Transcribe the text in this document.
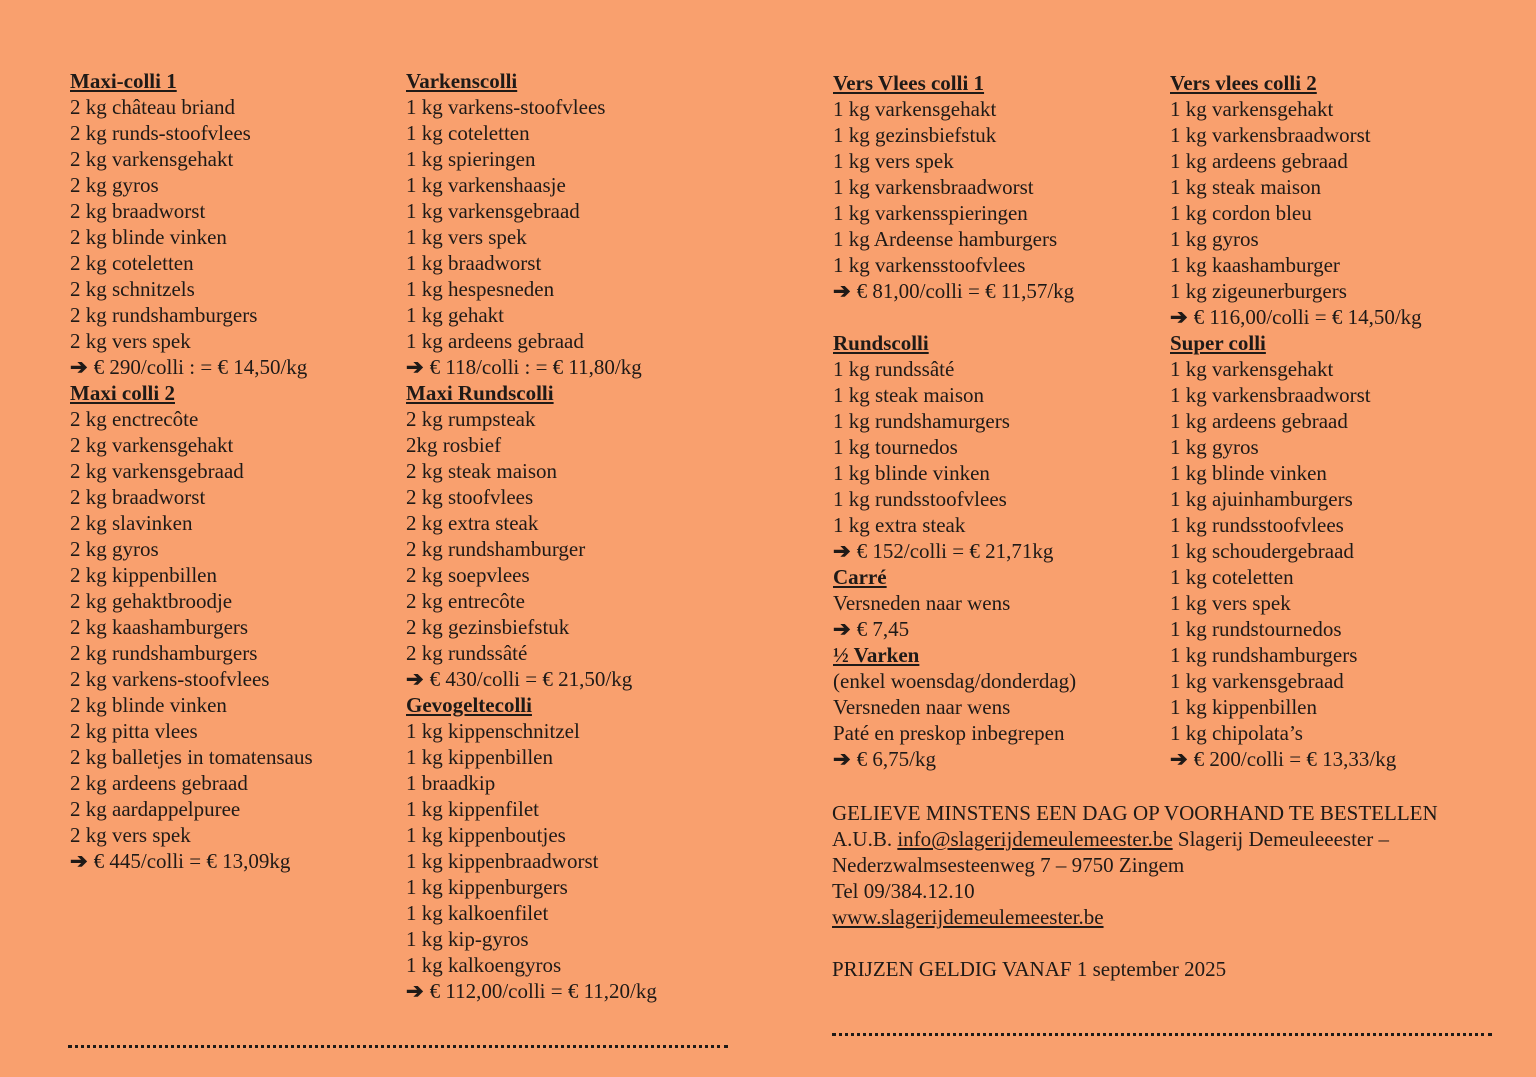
Maxi-colli 1
2 kg château briand
2 kg runds-stoofvlees
2 kg varkensgehakt
2 kg gyros
2 kg braadworst
2 kg blinde vinken
2 kg coteletten
2 kg schnitzels
2 kg rundshamburgers
2 kg vers spek
➔ € 290/colli : = € 14,50/kg
Maxi colli 2
2 kg enctrecôte
2 kg varkensgehakt
2 kg varkensgebraad
2 kg braadworst
2 kg slavinken
2 kg gyros
2 kg kippenbillen
2 kg gehaktbroodje
2 kg kaashamburgers
2 kg rundshamburgers
2 kg varkens-stoofvlees
2 kg blinde vinken
2 kg pitta vlees
2 kg balletjes in tomatensaus
2 kg ardeens gebraad
2 kg aardappelpuree
2 kg vers spek
➔ € 445/colli = € 13,09kg
Varkenscolli
1 kg varkens-stoofvlees
1 kg coteletten
1 kg spieringen
1 kg varkenshaasje
1 kg varkensgebraad
1 kg vers spek
1 kg braadworst
1 kg hespesneden
1 kg gehakt
1 kg ardeens gebraad
➔ € 118/colli : = € 11,80/kg
Maxi Rundscolli
2 kg rumpsteak
2kg rosbief
2 kg steak maison
2 kg stoofvlees
2 kg extra steak
2 kg rundshamburger
2 kg soepvlees
2 kg entrecôte
2 kg gezinsbiefstuk
2 kg rundssâté
➔ € 430/colli = € 21,50/kg
Gevogeltecolli
1 kg kippenschnitzel
1 kg kippenbillen
1 braadkip
1 kg kippenfilet
1 kg kippenboutjes
1 kg kippenbraadworst
1 kg kippenburgers
1 kg kalkoenfilet
1 kg kip-gyros
1 kg kalkoengyros
➔ € 112,00/colli = € 11,20/kg
Vers Vlees colli 1
1 kg varkensgehakt
1 kg gezinsbiefstuk
1 kg vers spek
1 kg varkensbraadworst
1 kg varkensspieringen
1 kg Ardeense hamburgers
1 kg varkensstoofvlees
➔ € 81,00/colli = € 11,57/kg
Rundscolli
1 kg rundssâté
1 kg steak maison
1 kg rundshamurgers
1 kg tournedos
1 kg blinde vinken
1 kg rundsstoofvlees
1 kg extra steak
➔ € 152/colli = € 21,71kg
Carré
Versneden naar wens
➔ € 7,45
½ Varken
(enkel woensdag/donderdag)
Versneden naar wens
Paté en preskop inbegrepen
➔ € 6,75/kg
Vers vlees colli 2
1 kg varkensgehakt
1 kg varkensbraadworst
1 kg ardeens gebraad
1 kg steak maison
1 kg cordon bleu
1 kg gyros
1 kg kaashamburger
1 kg zigeunerburgers
➔ € 116,00/colli = € 14,50/kg
Super colli
1 kg varkensgehakt
1 kg varkensbraadworst
1 kg ardeens gebraad
1 kg gyros
1 kg blinde vinken
1 kg ajuinhamburgers
1 kg rundsstoofvlees
1 kg schoudergebraad
1 kg coteletten
1 kg vers spek
1 kg rundstournedos
1 kg rundshamburgers
1 kg varkensgebraad
1 kg kippenbillen
1 kg chipolata’s
➔ € 200/colli = € 13,33/kg
GELIEVE MINSTENS EEN DAG OP VOORHAND TE BESTELLEN
A.U.B. info@slagerijdemeulemeester.be Slagerij Demeuleeester –
Nederzwalmsesteenweg 7 – 9750 Zingem
Tel 09/384.12.10
www.slagerijdemeulemeester.be
PRIJZEN GELDIG VANAF 1 september 2025
